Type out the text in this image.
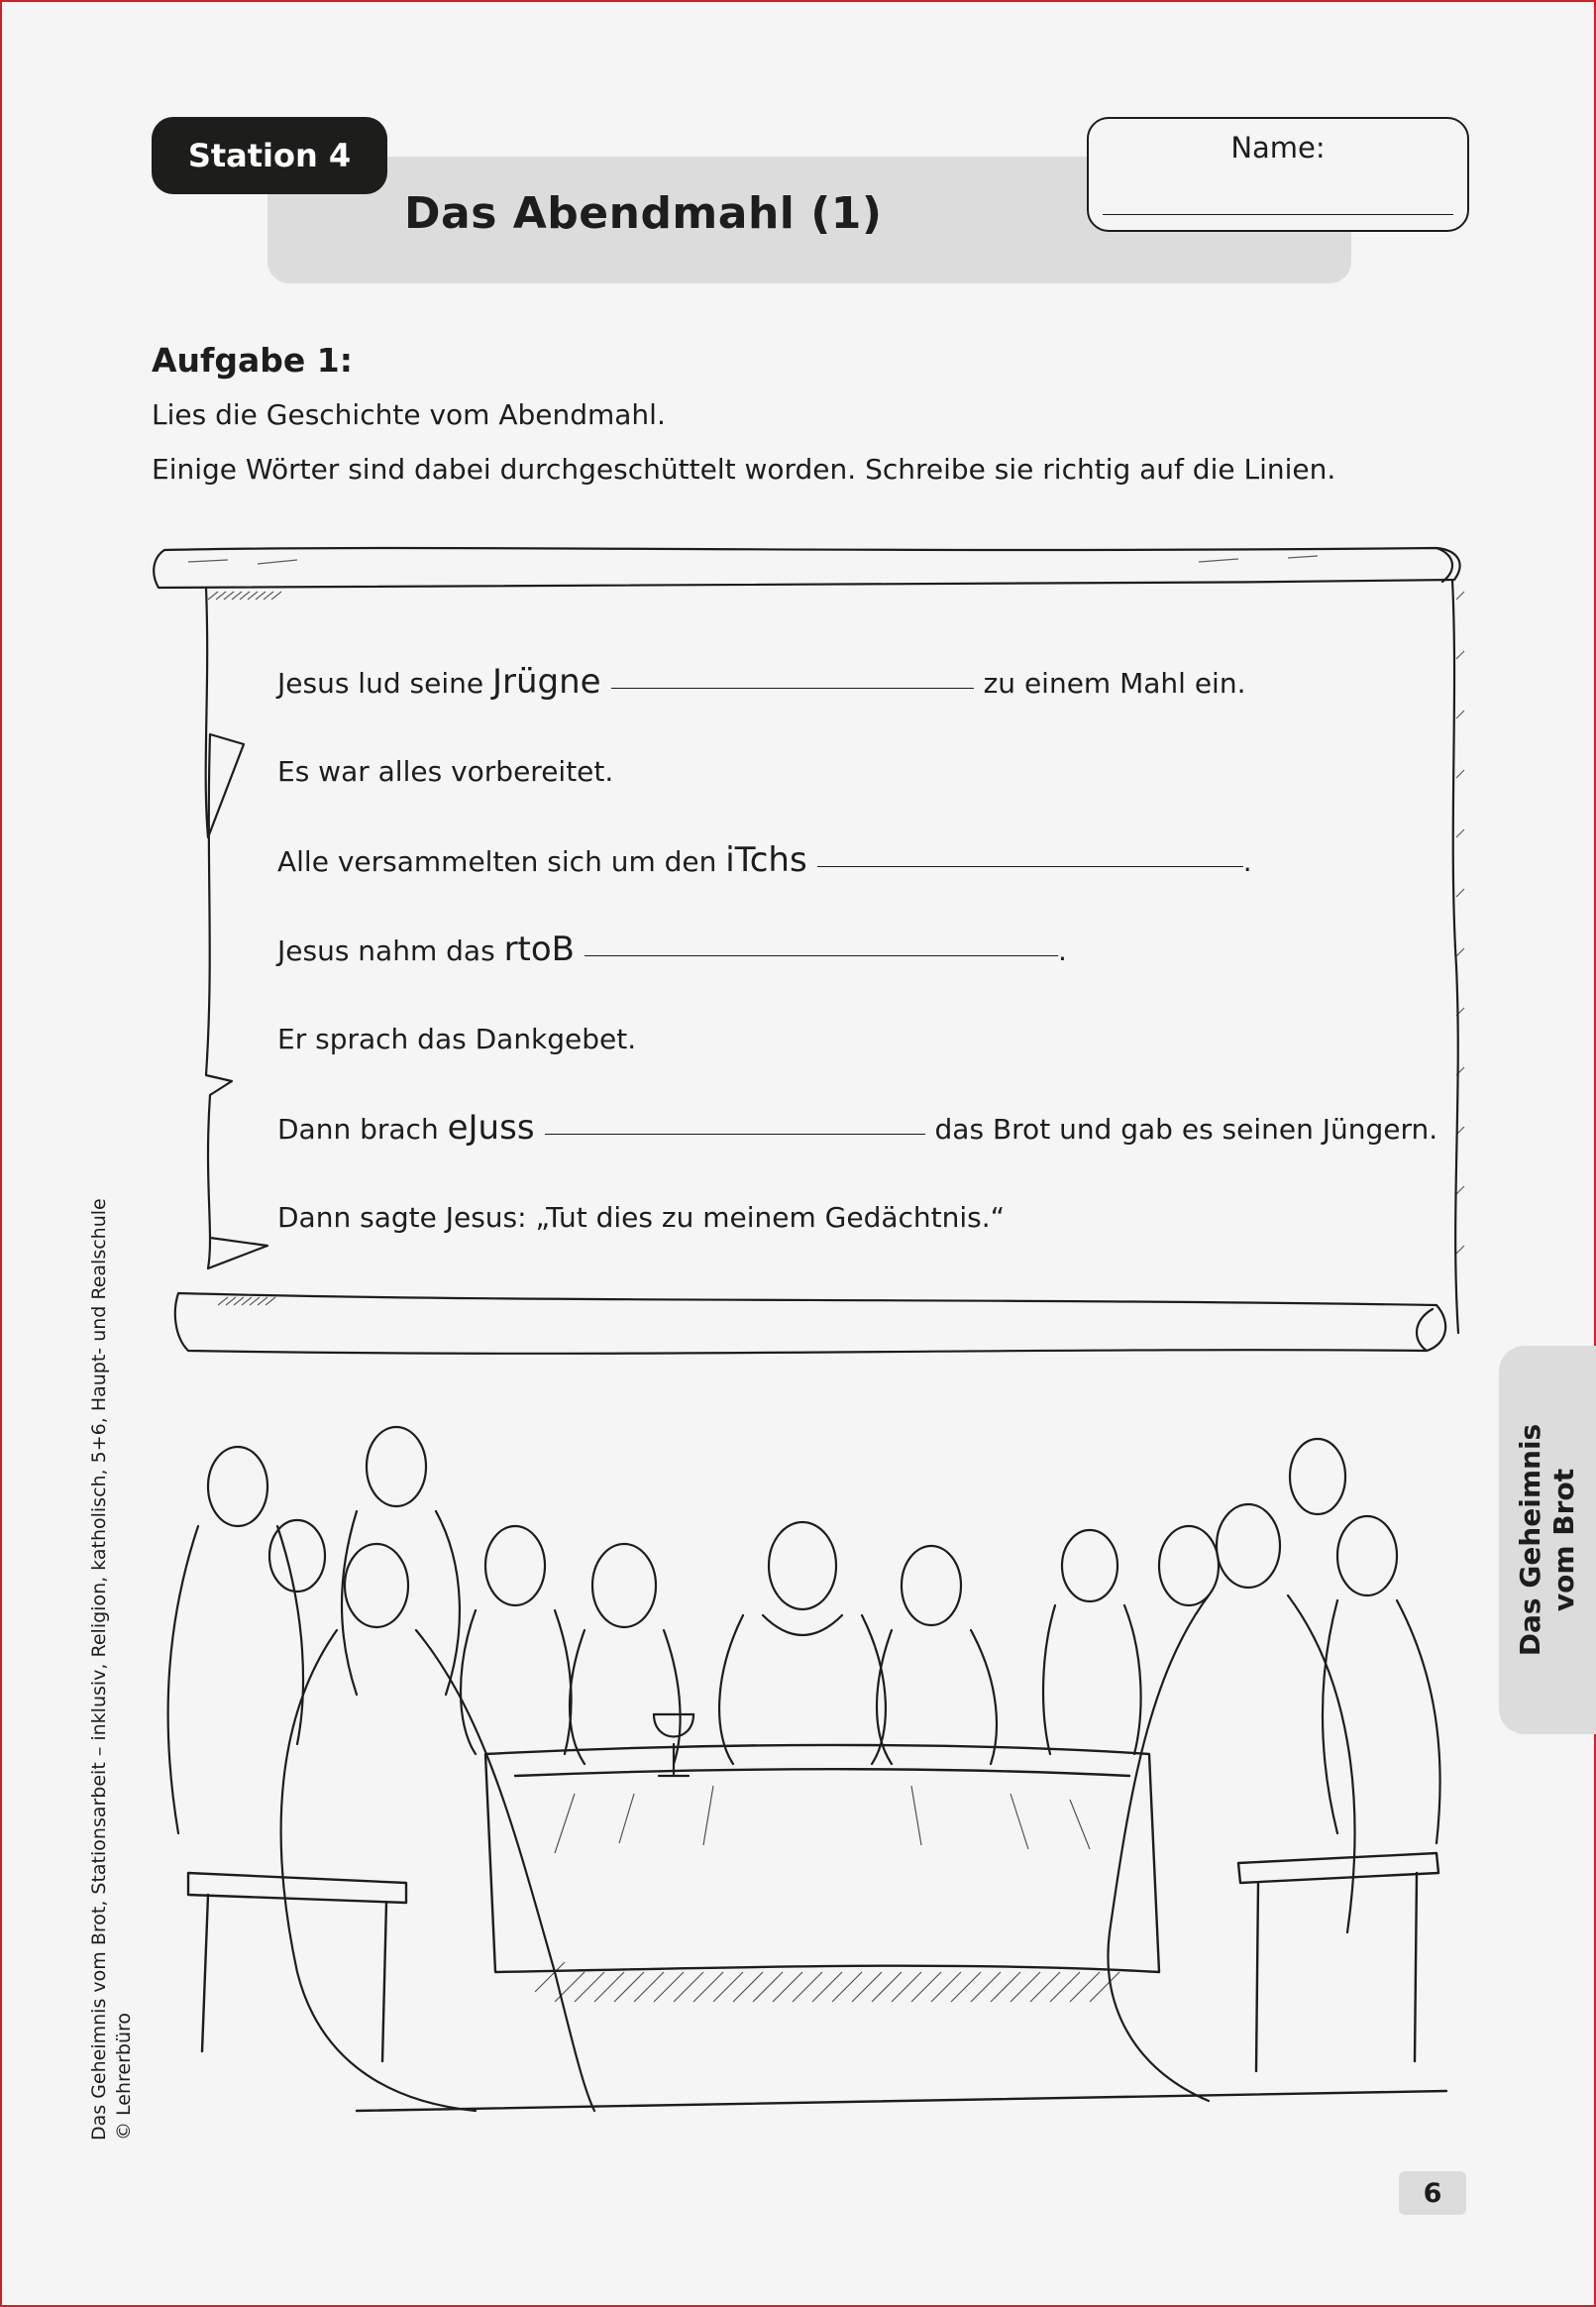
Station 4
Das Abendmahl (1)
Name:
Aufgabe 1:
Lies die Geschichte vom Abendmahl.
Einige Wörter sind dabei durchgeschüttelt worden. Schreibe sie richtig auf die Linien.
Jesus lud seine
Jrügne	zu einem Mahl ein.
Es war alles vorbereitet.
Alle versammelten sich um den
iTchs	.
Jesus nahm das
rtoB	.
Er sprach das Dankgebet.
Dann brach
eJuss	das Brot und gab es seinen Jüngern.
Dann sagte Jesus: „Tut dies zu meinem Gedächtnis.“
Das Geheimnis vom Brot
Das Geheimnis vom Brot, Stationsarbeit – inklusiv, Religion, katholisch, 5+6, Haupt- und Realschule © Lehrerbüro
6
